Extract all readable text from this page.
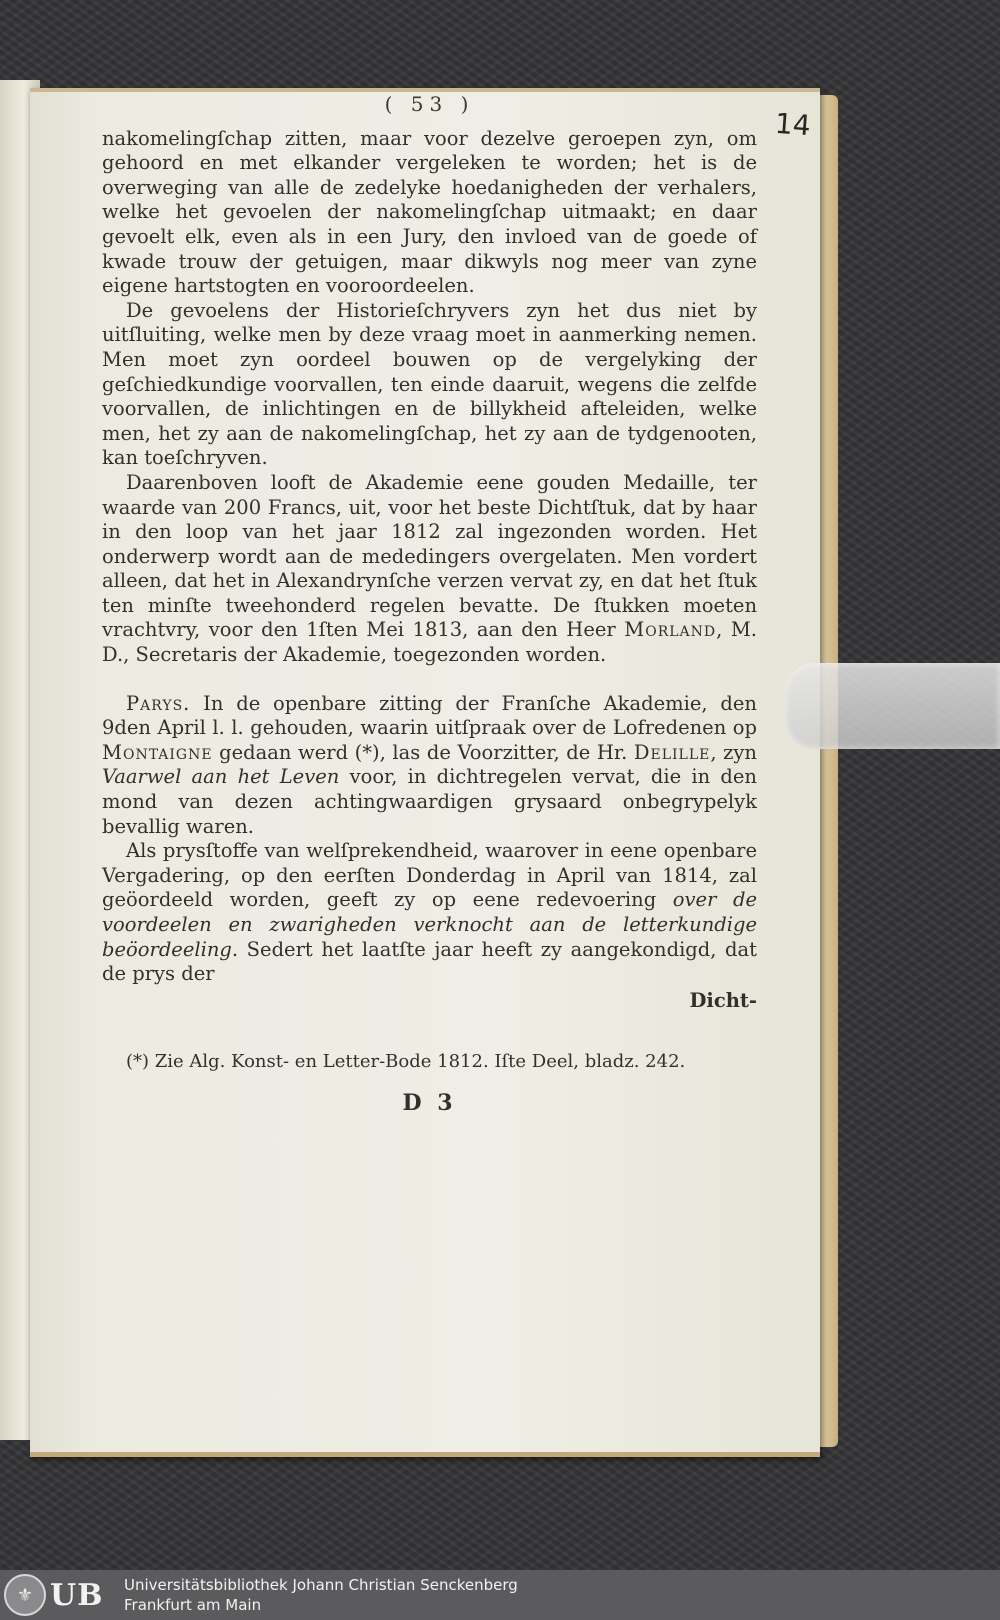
14
( 53 )

nakomelingſchap zitten, maar voor dezelve geroepen zyn, om gehoord en met elkander vergeleken te worden; het is de overweging van alle de zedelyke hoedanigheden der verhalers, welke het gevoelen der nakomelingſchap uitmaakt; en daar gevoelt elk, even als in een Jury, den invloed van de goede of kwade trouw der getuigen, maar dikwyls nog meer van zyne eigene hartstogten en vooroordeelen.

De gevoelens der Historieſchryvers zyn het dus niet by uitſluiting, welke men by deze vraag moet in aanmerking nemen. Men moet zyn oordeel bouwen op de vergelyking der geſchiedkundige voorvallen, ten einde daaruit, wegens die zelfde voorvallen, de inlichtingen en de billykheid afteleiden, welke men, het zy aan de nakomelingſchap, het zy aan de tydgenooten, kan toeſchryven.

Daarenboven looft de Akademie eene gouden Medaille, ter waarde van 200 Francs, uit, voor het beste Dichtſtuk, dat by haar in den loop van het jaar 1812 zal ingezonden worden. Het onderwerp wordt aan de mededingers overgelaten. Men vordert alleen, dat het in Alexandrynſche verzen vervat zy, en dat het ſtuk ten minſte tweehonderd regelen bevatte. De ſtukken moeten vrachtvry, voor den 1ſten Mei 1813, aan den Heer Morland, M. D., Secretaris der Akademie, toegezonden worden.

Parys. In de openbare zitting der Franſche Akademie, den 9den April l. l. gehouden, waarin uitſpraak over de Lofredenen op Montaigne gedaan werd (*), las de Voorzitter, de Hr. Delille, zyn Vaarwel aan het Leven voor, in dichtregelen vervat, die in den mond van dezen achtingwaardigen grysaard onbegrypelyk bevallig waren.

Als prysſtoffe van welſprekendheid, waarover in eene openbare Vergadering, op den eerſten Donderdag in April van 1814, zal geöordeeld worden, geeft zy op eene redevoering over de voordeelen en zwarigheden verknocht aan de letterkundige beöordeeling. Sedert het laatſte jaar heeft zy aangekondigd, dat de prys der

Dicht-

(*) Zie Alg. Konst- en Letter-Bode 1812. Iſte Deel, bladz. 242.

D 3
⚜ UB Universitätsbibliothek Johann Christian Senckenberg
Frankfurt am Main
